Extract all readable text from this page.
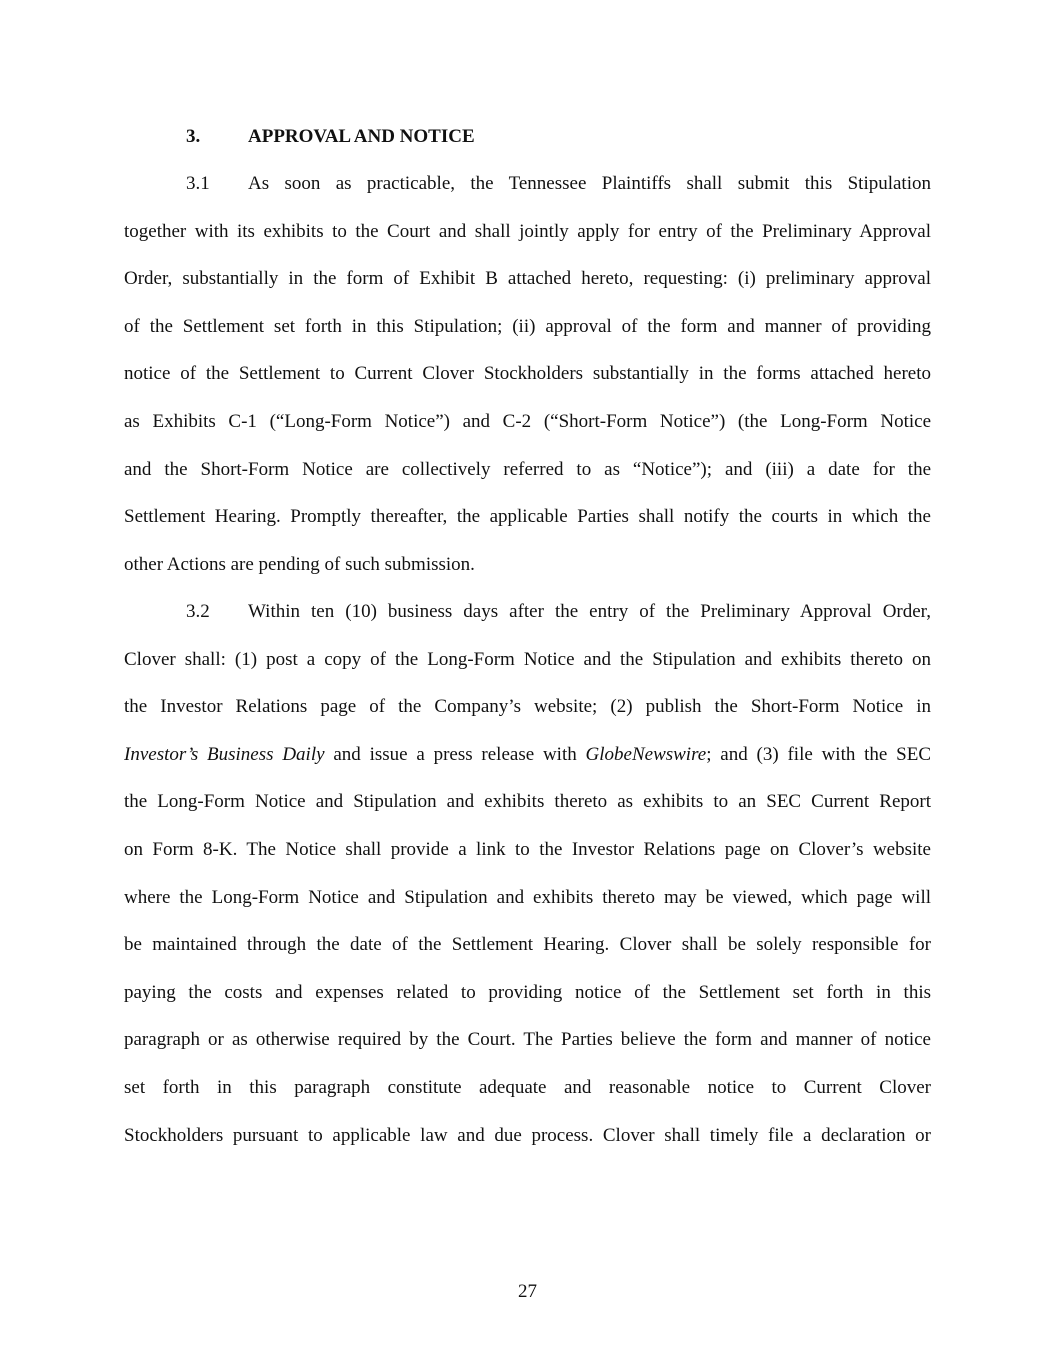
3.	APPROVAL AND NOTICE
3.1 As soon as practicable, the Tennessee Plaintiffs shall submit this Stipulation
together with its exhibits to the Court and shall jointly apply for entry of the Preliminary Approval
Order, substantially in the form of Exhibit B attached hereto, requesting: (i) preliminary approval
of the Settlement set forth in this Stipulation; (ii) approval of the form and manner of providing
notice of the Settlement to Current Clover Stockholders substantially in the forms attached hereto
as Exhibits C-1 (“Long-Form Notice”) and C-2 (“Short-Form Notice”) (the Long-Form Notice
and the Short-Form Notice are collectively referred to as “Notice”); and (iii) a date for the
Settlement Hearing. Promptly thereafter, the applicable Parties shall notify the courts in which the
other Actions are pending of such submission.
3.2 Within ten (10) business days after the entry of the Preliminary Approval Order,
Clover shall: (1) post a copy of the Long-Form Notice and the Stipulation and exhibits thereto on
the Investor Relations page of the Company’s website; (2) publish the Short-Form Notice in
Investor’s Business Daily and issue a press release with GlobeNewswire; and (3) file with the SEC
the Long-Form Notice and Stipulation and exhibits thereto as exhibits to an SEC Current Report
on Form 8-K. The Notice shall provide a link to the Investor Relations page on Clover’s website
where the Long-Form Notice and Stipulation and exhibits thereto may be viewed, which page will
be maintained through the date of the Settlement Hearing. Clover shall be solely responsible for
paying the costs and expenses related to providing notice of the Settlement set forth in this
paragraph or as otherwise required by the Court. The Parties believe the form and manner of notice
set forth in this paragraph constitute adequate and reasonable notice to Current Clover
Stockholders pursuant to applicable law and due process. Clover shall timely file a declaration or
27
